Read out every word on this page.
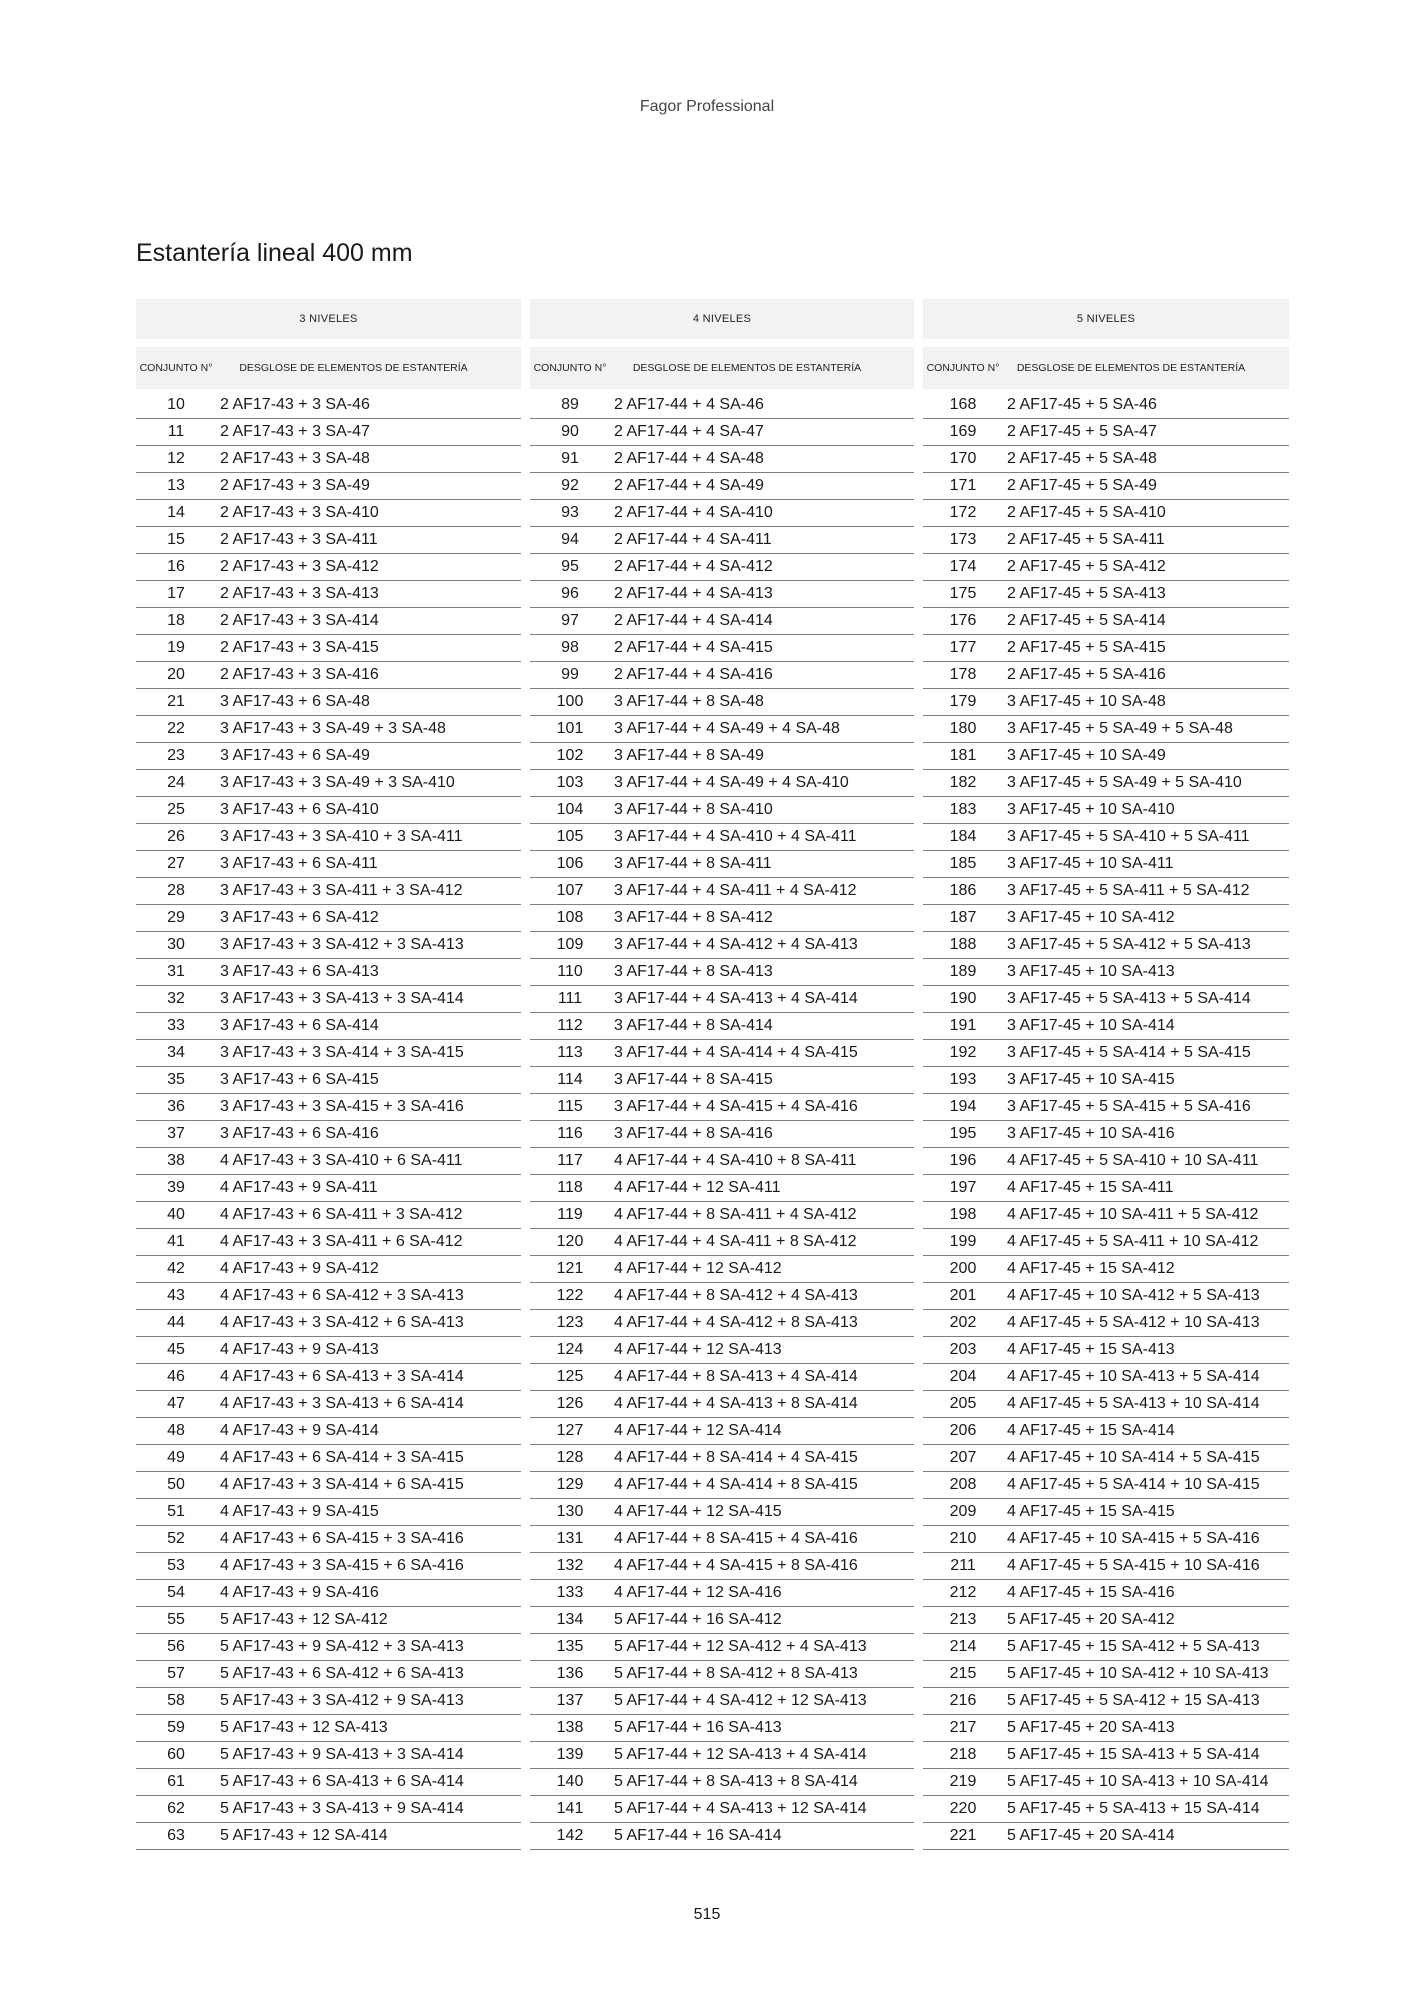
Fagor Professional
Estantería lineal 400 mm
3 NIVELES
CONJUNTO N°	DESGLOSE DE ELEMENTOS DE ESTANTERÍA
10	2 AF17-43 + 3 SA-46
11	2 AF17-43 + 3 SA-47
12	2 AF17-43 + 3 SA-48
13	2 AF17-43 + 3 SA-49
14	2 AF17-43 + 3 SA-410
15	2 AF17-43 + 3 SA-411
16	2 AF17-43 + 3 SA-412
17	2 AF17-43 + 3 SA-413
18	2 AF17-43 + 3 SA-414
19	2 AF17-43 + 3 SA-415
20	2 AF17-43 + 3 SA-416
21	3 AF17-43 + 6 SA-48
22	3 AF17-43 + 3 SA-49 + 3 SA-48
23	3 AF17-43 + 6 SA-49
24	3 AF17-43 + 3 SA-49 + 3 SA-410
25	3 AF17-43 + 6 SA-410
26	3 AF17-43 + 3 SA-410 + 3 SA-411
27	3 AF17-43 + 6 SA-411
28	3 AF17-43 + 3 SA-411 + 3 SA-412
29	3 AF17-43 + 6 SA-412
30	3 AF17-43 + 3 SA-412 + 3 SA-413
31	3 AF17-43 + 6 SA-413
32	3 AF17-43 + 3 SA-413 + 3 SA-414
33	3 AF17-43 + 6 SA-414
34	3 AF17-43 + 3 SA-414 + 3 SA-415
35	3 AF17-43 + 6 SA-415
36	3 AF17-43 + 3 SA-415 + 3 SA-416
37	3 AF17-43 + 6 SA-416
38	4 AF17-43 + 3 SA-410 + 6 SA-411
39	4 AF17-43 + 9 SA-411
40	4 AF17-43 + 6 SA-411 + 3 SA-412
41	4 AF17-43 + 3 SA-411 + 6 SA-412
42	4 AF17-43 + 9 SA-412
43	4 AF17-43 + 6 SA-412 + 3 SA-413
44	4 AF17-43 + 3 SA-412 + 6 SA-413
45	4 AF17-43 + 9 SA-413
46	4 AF17-43 + 6 SA-413 + 3 SA-414
47	4 AF17-43 + 3 SA-413 + 6 SA-414
48	4 AF17-43 + 9 SA-414
49	4 AF17-43 + 6 SA-414 + 3 SA-415
50	4 AF17-43 + 3 SA-414 + 6 SA-415
51	4 AF17-43 + 9 SA-415
52	4 AF17-43 + 6 SA-415 + 3 SA-416
53	4 AF17-43 + 3 SA-415 + 6 SA-416
54	4 AF17-43 + 9 SA-416
55	5 AF17-43 + 12 SA-412
56	5 AF17-43 + 9 SA-412 + 3 SA-413
57	5 AF17-43 + 6 SA-412 + 6 SA-413
58	5 AF17-43 + 3 SA-412 + 9 SA-413
59	5 AF17-43 + 12 SA-413
60	5 AF17-43 + 9 SA-413 + 3 SA-414
61	5 AF17-43 + 6 SA-413 + 6 SA-414
62	5 AF17-43 + 3 SA-413 + 9 SA-414
63	5 AF17-43 + 12 SA-414
4 NIVELES
CONJUNTO N°	DESGLOSE DE ELEMENTOS DE ESTANTERÍA
89	2 AF17-44 + 4 SA-46
90	2 AF17-44 + 4 SA-47
91	2 AF17-44 + 4 SA-48
92	2 AF17-44 + 4 SA-49
93	2 AF17-44 + 4 SA-410
94	2 AF17-44 + 4 SA-411
95	2 AF17-44 + 4 SA-412
96	2 AF17-44 + 4 SA-413
97	2 AF17-44 + 4 SA-414
98	2 AF17-44 + 4 SA-415
99	2 AF17-44 + 4 SA-416
100	3 AF17-44 + 8 SA-48
101	3 AF17-44 + 4 SA-49 + 4 SA-48
102	3 AF17-44 + 8 SA-49
103	3 AF17-44 + 4 SA-49 + 4 SA-410
104	3 AF17-44 + 8 SA-410
105	3 AF17-44 + 4 SA-410 + 4 SA-411
106	3 AF17-44 + 8 SA-411
107	3 AF17-44 + 4 SA-411 + 4 SA-412
108	3 AF17-44 + 8 SA-412
109	3 AF17-44 + 4 SA-412 + 4 SA-413
110	3 AF17-44 + 8 SA-413
111	3 AF17-44 + 4 SA-413 + 4 SA-414
112	3 AF17-44 + 8 SA-414
113	3 AF17-44 + 4 SA-414 + 4 SA-415
114	3 AF17-44 + 8 SA-415
115	3 AF17-44 + 4 SA-415 + 4 SA-416
116	3 AF17-44 + 8 SA-416
117	4 AF17-44 + 4 SA-410 + 8 SA-411
118	4 AF17-44 + 12 SA-411
119	4 AF17-44 + 8 SA-411 + 4 SA-412
120	4 AF17-44 + 4 SA-411 + 8 SA-412
121	4 AF17-44 + 12 SA-412
122	4 AF17-44 + 8 SA-412 + 4 SA-413
123	4 AF17-44 + 4 SA-412 + 8 SA-413
124	4 AF17-44 + 12 SA-413
125	4 AF17-44 + 8 SA-413 + 4 SA-414
126	4 AF17-44 + 4 SA-413 + 8 SA-414
127	4 AF17-44 + 12 SA-414
128	4 AF17-44 + 8 SA-414 + 4 SA-415
129	4 AF17-44 + 4 SA-414 + 8 SA-415
130	4 AF17-44 + 12 SA-415
131	4 AF17-44 + 8 SA-415 + 4 SA-416
132	4 AF17-44 + 4 SA-415 + 8 SA-416
133	4 AF17-44 + 12 SA-416
134	5 AF17-44 + 16 SA-412
135	5 AF17-44 + 12 SA-412 + 4 SA-413
136	5 AF17-44 + 8 SA-412 + 8 SA-413
137	5 AF17-44 + 4 SA-412 + 12 SA-413
138	5 AF17-44 + 16 SA-413
139	5 AF17-44 + 12 SA-413 + 4 SA-414
140	5 AF17-44 + 8 SA-413 + 8 SA-414
141	5 AF17-44 + 4 SA-413 + 12 SA-414
142	5 AF17-44 + 16 SA-414
5 NIVELES
CONJUNTO N°	DESGLOSE DE ELEMENTOS DE ESTANTERÍA
168	2 AF17-45 + 5 SA-46
169	2 AF17-45 + 5 SA-47
170	2 AF17-45 + 5 SA-48
171	2 AF17-45 + 5 SA-49
172	2 AF17-45 + 5 SA-410
173	2 AF17-45 + 5 SA-411
174	2 AF17-45 + 5 SA-412
175	2 AF17-45 + 5 SA-413
176	2 AF17-45 + 5 SA-414
177	2 AF17-45 + 5 SA-415
178	2 AF17-45 + 5 SA-416
179	3 AF17-45 + 10 SA-48
180	3 AF17-45 + 5 SA-49 + 5 SA-48
181	3 AF17-45 + 10 SA-49
182	3 AF17-45 + 5 SA-49 + 5 SA-410
183	3 AF17-45 + 10 SA-410
184	3 AF17-45 + 5 SA-410 + 5 SA-411
185	3 AF17-45 + 10 SA-411
186	3 AF17-45 + 5 SA-411 + 5 SA-412
187	3 AF17-45 + 10 SA-412
188	3 AF17-45 + 5 SA-412 + 5 SA-413
189	3 AF17-45 + 10 SA-413
190	3 AF17-45 + 5 SA-413 + 5 SA-414
191	3 AF17-45 + 10 SA-414
192	3 AF17-45 + 5 SA-414 + 5 SA-415
193	3 AF17-45 + 10 SA-415
194	3 AF17-45 + 5 SA-415 + 5 SA-416
195	3 AF17-45 + 10 SA-416
196	4 AF17-45 + 5 SA-410 + 10 SA-411
197	4 AF17-45 + 15 SA-411
198	4 AF17-45 + 10 SA-411 + 5 SA-412
199	4 AF17-45 + 5 SA-411 + 10 SA-412
200	4 AF17-45 + 15 SA-412
201	4 AF17-45 + 10 SA-412 + 5 SA-413
202	4 AF17-45 + 5 SA-412 + 10 SA-413
203	4 AF17-45 + 15 SA-413
204	4 AF17-45 + 10 SA-413 + 5 SA-414
205	4 AF17-45 + 5 SA-413 + 10 SA-414
206	4 AF17-45 + 15 SA-414
207	4 AF17-45 + 10 SA-414 + 5 SA-415
208	4 AF17-45 + 5 SA-414 + 10 SA-415
209	4 AF17-45 + 15 SA-415
210	4 AF17-45 + 10 SA-415 + 5 SA-416
211	4 AF17-45 + 5 SA-415 + 10 SA-416
212	4 AF17-45 + 15 SA-416
213	5 AF17-45 + 20 SA-412
214	5 AF17-45 + 15 SA-412 + 5 SA-413
215	5 AF17-45 + 10 SA-412 + 10 SA-413
216	5 AF17-45 + 5 SA-412 + 15 SA-413
217	5 AF17-45 + 20 SA-413
218	5 AF17-45 + 15 SA-413 + 5 SA-414
219	5 AF17-45 + 10 SA-413 + 10 SA-414
220	5 AF17-45 + 5 SA-413 + 15 SA-414
221	5 AF17-45 + 20 SA-414
515
